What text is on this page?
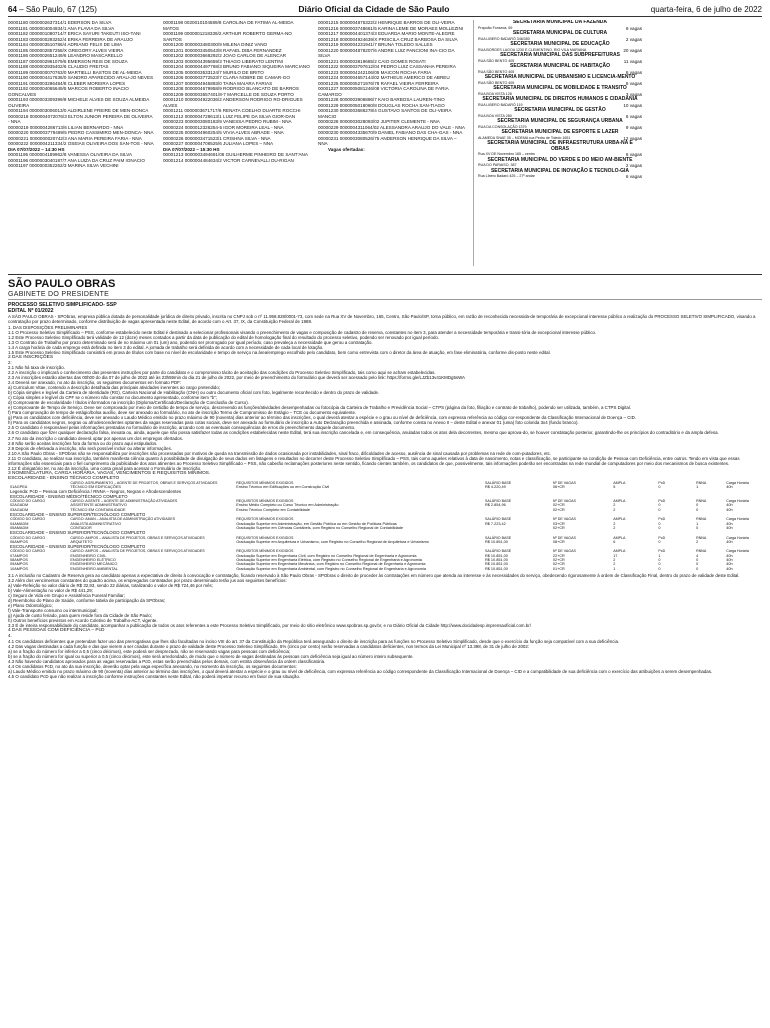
64 – São Paulo, 67 (125)	Diário Oficial da Cidade de São Paulo	quarta-feira, 6 de julho de 2022

00001180 0000002637314/1 EDERSON DA SILVA

00001181 0000004004934/1 ANA FLAVIA DA SILVA

00001182 0000001080714/7 ERICA SAYURI TAKEUTI ISO-TANI

00001183 0000000293252/4 ERIKA FERREIRA DE ARAUJO

00001184 0000003510786/4 ADRIANO FELIX DE LIMA

00001185 0000002857258/X GREGORY ALVES VIEIRA

00001186 0000002651249/6 LEANDRO MASCARELLO

00001187 0000002961079/6 EMERSON REIS DE SOUZA

00001188 0000002935402/6 CLAUDIO FREITAS

00001189 0000000070763/0 MARTIELLI BASTOS DE AL-MEIDA

00001190 0000004417636/0 SANDRO APARECIDO ARAU-JO NEVES

00001191 0000003296484/8 CLEBER MOREIRA LOPES

00001192 0000004065649/5 MARCOS ROBERTO INACIO GONCALVES

00001193 0000003309399/8 MICHELE ALVES DE SOUZA ALMEIDA OLIVEIRA

00001194 0000003006013/0 ALDIRLENE FREIRE DE MEN-DONCA

00000218 0000004072076/3 ELTON JUNIOR PEREIRA DE OLIVEIRA - NNA

00000219 0000004286713/6 LILIAN BERNARDO - NNA

00000220 0000003779489/5 PEDRO CASSIMIRO MEN-DONCA- NNA

00000221 0000000020742/3 ANA MARIA PEREIRA FARIA - NNA

00000222 0000004211334/2 OSEIAS OLIVEIRA DOS SAN-TOS - NNA

DIA 07/07/2022 – 14:30 HS

00001195 0000004189962/8 VANESSA OLIVEIRA DA SILVA

00001196 0000003040187/7 ANA LUIZA DA CRUZ PAIM IGNACIO

00001197 0000000352262/3 MARINA SILVA VECHINI

00001198 0020010104589/8 CAROLINA DE FATIMA AL-MEIDA MATOS

00001199 0000001218339/2 ARTHUR ROBERTO GERMA-NO SANTOS

00001200 0000003480300/9 MILENA DINIZ VANO

00001201 0000003450543/8 RAFAEL DIBA FERNANDEZ

00001202 0000003668292/2 JOAO CARLOS DE ALENCAR

00001203 0000004395659/3 THIAGO LIBERATO LENTINI

00001204 0000004497768/3 BRUNO FABIANO SIQUEIRA MARCIANO

00001205 0000003533124/7 MURILO DE BRITO

00001206 0000003772523/7 CLARA NOBRE DE CAMAR-GO

00001207 0000004945893/0 TAINA MAIARA FARIAS

00001208 0000004679958/9 RODRIGO BLANCATO DE BARROS

00001209 0000003557401/8-7 MARCELLE DE SOUZA PORTO

00001210 0000004922036/2 ANDERSON RODRIGO RO-DRIGUES ALVES

00001211 0000003671717/6 RENATA COELHO DUARTE ROCCHI

00001212 0000004728613/1 LUIZ FELIPE DA SILVA GIOR-DAN

00000223 0000003080183/9 VANESSA PEDRO RUBIM - NNA

00000224 0000012326254-5 IGOR MOREIRA LEAL - NNA

00000225 0000004960254/5 VIVIA ALVES ABRADE - NNA

00000226 0000003471523/1 CRISHNA SILVA - NNA

00000227 0000004706525/6 JULIANA LOPES – NNA

DIA 07/07/2022 – 15:30 HS

00001213 0000003494691/06 GUILHERME PINHEIRO DE SANT'ANA

00001214 0000004484634/2 VICTOR CARNEVALLI DU-RIGAN

00001215 0000004875322/2 HENRIQUE BARROS DE OLI-VEIRA

00001216 0000003748661/5 KARINA LEME DE MORAES MOLLEZINI

00001217 0000004401374/3 EDUARDA MARIO MONTE-ALEGRE

00001218 0000004924639/X PRISCILA CRUZ BARBOSA DA SILVA

00001219 0000004231941/7 BRUNA TOLEDO SALLES

00001220 0000004878207/6 ANDRE LUIZ PANCIONI INA-CIO DA SILVA

00001221 0000003819685/2 CAIO GOMES ROSATI

00001222 0000003797612/04 PEDRO LUIZ CASSANHA PEREIRA

00001223 0000004242106/05 MAICON ROCHA FARIA

00001224 0000004657144/02 MATHEUS AMERICO DE ABREU

00001225 0000005271976/78 RAFAEL VIEIRA FERREIRA

00001227 0000005081246/08 VICTORIA CAROLINA DE FARIA CAMARGO

00001228 0000003906896/7 KAIO BARBOSA LAUREN-TINO

00001229 0000005018060/8 DOUGLAS ROCHA SAN-TIAGO

00001230 0000003686278/4 GUSTAVO SANTOS DE OLI-VEIRA MANCIO

00000228 0000003028093/02 JUPITER CLEMENTE - NNA

00000229 0000004311064/02 ALESSANDRA ARAUJO DO VALE - NNA

00000230 0000004335670/9 DANIEL FABIANO DAS CHA-GAS - NNA

00000231 0000003080526/75 ANDERSON HENRIQUE DA SILVA –NNA

Vagas ofertadas:

SECRETARIA MUNICIPAL DA FAZENDA

Prapoão Fonseca, 69	9 vagas

SECRETARIA MUNICIPAL DE CULTURA

RUA LIBERO BADARÓ 346/350	2 vagas

SECRETARIA MUNICIPAL DE EDUCAÇÃO

RUA BORGES LAGOA 1230 E CLEMENTINO, RIO VILA MARIANA	20 vagas

SECRETARIA MUNICIPAL DAS SUBPREFEITURAS

RUA SÃO BENTO 405	11 vagas

SECRETARIA MUNICIPAL DE HABITAÇÃO

RUA SÃO BENTO 405	6 vagas

SECRETARIA MUNICIPAL DE URBANISMO E LICENCIA-MENTO

RUA SÃO BENTO 405	6 vagas

SECRETARIA MUNICIPAL DE MOBILIDADE E TRANSITO

RUA BOA VISTA 128	3 vagas

SECRETARIA MUNICIPAL DE DIREITOS HUMANOS E CIDADANIA

RUA LIBERO BADARÓ 119	10 vagas

SECRETARIA MUNICIPAL DE GESTÃO

RUA BOA VISTA 280	6 vagas

SECRETARIA MUNICIPAL DE SEGURANÇA URBANA

RUA DA CONSOLAÇÃO 1379	9 vagas

SECRETARIA MUNICIPAL DE ESPORTE E LAZER

ALAMEDA SNAE 35 – MOEMA rua Pedro de Toledo 1651	12 vagas

SECRETARIA MUNICIPAL DE INFRAESTRUTURA URBA-NA E OBRAS

Rua XV DE Novembro 165 – centro	6 vagas

SECRETARIA MUNICIPAL DO VERDE E DO MEIO AM-BIENTE

RUA DO PARAISO, 387	2 vagas

SECRETARIA MUNICIPAL DE INOVAÇÃO E TECNOLO-GIA

Rua Líbero Badaró 425 – 27º andar	6 vagas
SÃO PAULO OBRAS
GABINETE DO PRESIDENTE

PROCESSO SELETIVO SIMPLIFICADO- SSP

EDITAL Nº 01/2022

A SÃO PAULO OBRAS - SPObras, empresa pública dotada de personalidade jurídica de direito privado, inscrita no CNPJ sob o nº 11.958.828/0001-73, com sede na Rua XV de Novembro, 165, Centro, São Paulo/SP, torna público, em razão de reconhecida necessida-de temporária de excepcional interesse público a realização do PROCESSO SELETIVO SIMPLIFICADO, visando a contratação por prazo determinado, conforme distribuição de vagas apresentada neste Edital, de acordo com o Art. 37, IX, da Constituição Federal de 1988.

1. DAS DISPOSIÇÕES PRELIMINARES

1.1 O Processo Seletivo Simplificado – PSS, conforme estabelecido neste Edital é destinado a selecionar profissionais visando o preenchimento de vagas e composição de cadastro de reserva, constantes no item 3, para atender a necessidade temporária e transi-tória de excepcional interesse público.

1.2 Este Processo Seletivo Simplificado terá validade de 12 (doze) meses contados a partir da data de publicação do edital de homologação final do resultado do processo seletivo, podendo ser renovado por igual período.

1.3 O Contrato de Trabalho por prazo determinado será de no máximo um 01 (um) ano, podendo ser prorrogado por igual período, caso prevaleça a necessidade que gerou a contratação.

1.4 A carga horária de cada emprego está definida no item 3 do edital. A jornada de trabalho será definida de acordo com a necessidade de cada local de lotação.

1.5 Este Processo Seletivo Simplificado consistirá em prova de títulos com base no nível de escolaridade e tempo de serviço na área/emprego escolhido pelo candidato, bem como entrevista com o diretor da área de atuação, em fase eliminatória, conforme dis-posto neste edital.

2 DAS INSCRIÇÕES

2:

2.1 Não há taxa de inscrição.

2.2 A inscrição o implicará o conhecimento das presentes instruções por parte do candidato e o compromisso tácito de aceitação das condições do Processo Seletivo Simplificado, tais como aqui se acham estabelecidas.

2.3 As inscrições estarão abertas das 00h00 do dia 07 de julho de 2022 até às 23h59min do dia 21 de julho de 2022, por meio de preenchimento do formulário que deverá ser acessado pelo link: https://forms.gle/LJZb13v41KMDg5sWA

2.4 Deverá ser anexado, no ato da inscrição, os seguintes documentos em formato PDF:

a) Curriculum Vitae, contendo a descrição detalhada das principais atividades inerentes ao cargo pretendido;

b) Cópia simples e legível da Carteira de Identidade (RG), Carteira Nacional de Habilitação (CNH) ou outro documento oficial com foto, legalmente reconhecido e dentro do prazo de validade.

c) Cópia simples e legível do CPF se o número não constar no documento apresentado, conforme item "b";

d) Comprovante de escolaridade / títulos informados na inscrição (Diploma/Certificado/Declaração de Conclusão de Curso).

e) Comprovante de Tempo de Serviço. Deve ser comprovado por meio de certidão de tempo de serviço, descrevendo as funções/atividades desempenhadas ou fotocópia da Carteira de Trabalho e Previdência Social – CTPS (página da foto, filiação e contrato de trabalho), podendo ser utilizada, também, a CTPS Digital.

f) Para comprovação de tempo de estágio/bolsa auxílio, deve ser anexado ao formulário, no ato de inscrição Termo de Compromisso de Estágio – TCE ou documento equivalente.

g) Para os candidatos com deficiência, deve ser anexado o Laudo Médico emitido no prazo máximo de 90 (noventa) dias anterior ao término das inscrições, o qual deverá atestar a espécie e o grau ou nível de deficiência, com expressa referência ao código cor-respondente da Classificação Internacional de Doença – CID.

h) Para os candidatos negros, negras ou afrodescendentes optantes da vagas reservadas para cotas sociais, deve ser anexado ao formulário de inscrição a Auto Declaração preenchida e assinada, conforme consta no Anexo II – deste Edital e anexar 01 (uma) foto colorida 3x4 (fundo branco).

2.5 O candidato é responsável pelas informações prestadas no formulário de inscrição, arcando com as eventuais consequências de erros de preenchimento daquele documento.

2.6 O candidato que fizer qualquer declaração falsa, inexata ou, ainda, aquele que não possa satisfazer todas as condições estabelecidas neste Edital, terá sua inscrição cancelada e, em consequência, anuladas todos os atos dela decorrentes, mesmo que aprova-do, se houver constatação posterior, garantindo-lhe os princípios do contraditório e da ampla defesa.

2.7 No ato da inscrição o candidato deverá optar por apenas um dos empregos ofertados.

2.8 Não serão aceitas inscrições fora da forma ou do prazo aqui estipulados.

2.9 Depois de efetivada a inscrição, não será possível incluir ou alterar informações.

2.10 A São Paulo Obras - SPObras não se responsabiliza por inscrições não processadas por motivos de queda na transmissão de dados ocasionada por instabilidades, sinal fraco, dificuldades de acesso, ausência de sinal causada por problemas na rede de com-putadores, etc.

2.11 O candidato, ao realizar sua inscrição, também manifesta ciência quanto à possibilidade de divulgação de seus dados em listagens e resultados no decorrer deste Processo Seletivo Simplificado – PSS, tais como aqueles relativos à data de nascimento, notas e classificação, se participante na condição de Pessoa com Deficiência, entre outros. Tendo em vista que essas informações são essenciais para o fiel cumprimento da publicidade dos atos atinentes ao Processo Seletivo Simplificado – PSS, não caberão reclamações posteriores neste sentido, ficando cientes também, os candidatos de que, possivelmente, tais informações poderão ser encontradas na rede mundial de computadores por meio dos mecanismos de busca existentes.

2.12 É obrigatório ter, no ato da inscrição, uma conta gmail para acessar o Formulário de Inscrição.

3 NOMENCLATURA, CARGA HORÁRIA, VAGAS, VENCIMENTOS E REQUISITOS MÍNIMOS.

ESCOLARIDADE - ENSINO TÉCNICO COMPLETO

	CARGO: AGRUPAMENTO – AGENTE DE PROJETOS, OBRAS E SERVIÇOS ATIVIDADES	REQUISITOS MÍNIMOS EXIGIDOS	SALÁRIO BASE	Nº DE VAGAS	AMPLA	PcD	RNNA	Carga Horária
01AGPEA	TÉCNICO EM EDIFICAÇÕES	Ensino Técnico em Edificações ou em Construção Civil	R$ 4.220,49	06+CR	5	0	1	40h
Legenda: PcD – Pessoa com Deficiência / RNNA – Negros, Negras e Afrodescendentes								
ESCOLARIDADE - ENSINO MÉDIO/TÉCNICO COMPLETO								
CÓDIGO DO CARGO	CARGO: AGENTE – AGENTE DE ADMINISTRAÇÃO ATIVIDADES	REQUISITOS MÍNIMOS EXIGIDOS	SALÁRIO BASE	Nº DE VAGAS	AMPLA	PcD	RNNA	Carga Horária
02AGADM	ASSISTENTE ADMINISTRATIVO	Ensino Médio Completo ou Curso Técnico em Administração	R$ 2.854,96	02+CR	2	0	0	40h
03AGADM	TÉCNICO EM CONTABILIDADE	Ensino Técnico Completo em Contabilidade		02+CR	2	0	0	40h
ESCOLARIDADE – ENSINO SUPERIOR/TECNÓLOGO COMPLETO								
CÓDIGO DO CARGO	CARGO: AMAN – ANALISTA DE ADMINISTRAÇÃO ATIVIDADES	REQUISITOS MÍNIMOS EXIGIDOS	SALÁRIO BASE	Nº DE VAGAS	AMPLA	PcD	RNNA	Carga Horária
04AMADM	ANALISTA ADMINISTRATIVO	Graduação Superior em Administração, em Gestão Pública ou em Gestão de Políticas Públicas	R$ 7.223,42	03+CR	2	0	1	40h
05AMADM	CONTADOR	Graduação Superior em Ciências Contábeis, com Registro no Conselho Regional de Contabilidade		02+CR	2	0	0	40h
ESCOLARIDADE – ENSINO SUPERIOR/TECNÓLOGO COMPLETO								
CÓDIGO DO CARGO	CARGO: AMPOS – ANALISTA DE PROJETOS, OBRAS E SERVIÇOS ATIVIDADES	REQUISITOS MÍNIMOS EXIGIDOS	SALÁRIO BASE	Nº DE VAGAS	AMPLA	PcD	RNNA	Carga Horária
06AMPOS	ARQUITETO	Graduação Superior em Arquitetura e Urbanismo, com Registro no Conselho Regional de Arquitetura e Urbanismo	R$ 10.851,00	08+CR	6	0	2	40h
ESCOLARIDADE – ENSINO SUPERIOR/TECNÓLOGO COMPLETO								
CÓDIGO DO CARGO	CARGO: AMPOS – ANALISTA DE PROJETOS, OBRAS E SERVIÇOS ATIVIDADES	REQUISITOS MÍNIMOS EXIGIDOS	SALÁRIO BASE	Nº DE VAGAS	AMPLA	PcD	RNNA	Carga Horária
07AMPOS	ENGENHEIRO CIVIL	Graduação Superior em Engenharia Civil, com Registro no Conselho Regional de Engenharia e Agronomia	R$ 10.851,00	22+CR	17	1	4	40h
08AMPOS	ENGENHEIRO ELÉTRICO	Graduação Superior em Engenharia Elétrica, com Registro no Conselho Regional de Engenharia e Agronomia	R$ 10.851,00	02+CR	2	0	0	40h
09AMPOS	ENGENHEIRO MECÂNICO	Graduação Superior em Engenharia Mecânica, com Registro no Conselho Regional de Engenharia e Agronomia	R$ 10.851,00	02+CR	2	0	0	40h
10AMPOS	ENGENHEIRO AMBIENTAL	Graduação Superior em Engenharia Ambiental, com Registro no Conselho Regional de Engenharia e Agronomia	R$ 10.851,00	01+CR	1	0	0	40h

3.1 A inclusão no Cadastro de Reserva gera ao candidato apenas a expectativa de direito à convocação e contratação, ficando reservado à São Paulo Obras - SPObras o direito de proceder às contratações em número que atenda ao interesse e às necessidades do serviço, obedecendo rigorosamente à ordem de Classificação Final, dentro do prazo de validade deste Edital.

3.2 Além dos vencimentos constantes do quadro acima, os empregados contratados por prazo determinado terão jus aos seguintes benefícios:

a) Vale-Refeição no valor diário de R$ 32,93, sendo 22 diárias, totalizando o valor de R$ 724,46 por mês;

b) Vale-Alimentação no valor de R$ 441,29;

c) Seguro de Vida em Grupo e Assistência Funeral Familiar;

d) Reembolso do Plano de Saúde, conforme tabela de participação da SPObras;

e) Plano Odontológico;

f) Vale-Transporte consumo ou intermunicipal;

g) Ajuda de custo feriado, para quem reside fora da Cidade de São Paulo;

h) Outros benefícios previstos em Acordo Coletivo de Trabalho-ACT, vigente.

3.3 É de inteira responsabilidade do candidato, acompanhar a publicação de todos os atos referentes a este Processo Seletivo Simplificado, por meio do sítio eletrônico www.spobras.sp.gov.br, e no Diário Oficial da Cidade http://www.docidadesp.imprensaoficial.com.br/

4 DAS PESSOAS COM DEFICIÊNCIA – PcD

4.

4.1 Os candidatos deficientes que pretendam fazer uso das prerrogativas que lhes são facultadas no inciso VIII do art. 37 da Constituição da República terá assegurado o direito de inscrição para as funções no Processo Seletivo Simplificado, desde que o exercício da função seja compatível com a sua deficiência.

4.2 Das vagas destinadas a cada função e das que vierem a ser criadas durante o prazo de validade deste Processo Seletivo Simplificado, 5% (cinco por cento) serão reservadas a candidatos deficientes, nos termos da Lei Municipal nº 13.398, de 31 de julho de 2002:

a) se a fração do número for inferior a 0,5 (cinco décimos), este poderá ser desprezado, não se reservando vagas para pessoas com deficiência;

b) se a fração do número for igual ou superior a 0,5 (cinco décimos), este será arredondado, de modo que o número de vagas destinadas às pessoas com deficiência seja igual ao número inteiro subsequente.

4.3 Não havendo candidatos aprovados para as vagas reservadas a PcD, estas serão preenchidas pelos demais, com estrita observância da ordem classificatória.

4.4 Os candidatos PcD, no ato da sua inscrição, deverão optar pela vaga específica anexando, no momento da inscrição, os seguintes documentos:

a) Laudo Médico emitido no prazo máximo de 90 (noventa) dias anterior ao término das inscrições, o qual deverá atestar a espécie e o grau ou nível de deficiência, com expressa referência ao código correspondente da Classificação Internacional de Doença – CID e a compatibilidade de sua deficiência com o exercício das atribuições a serem desempenhadas.

4.5 O candidato PcD que não realizar a inscrição conforme instruções constantes neste Edital, não poderá impetrar recurso em favor de sua situação.
